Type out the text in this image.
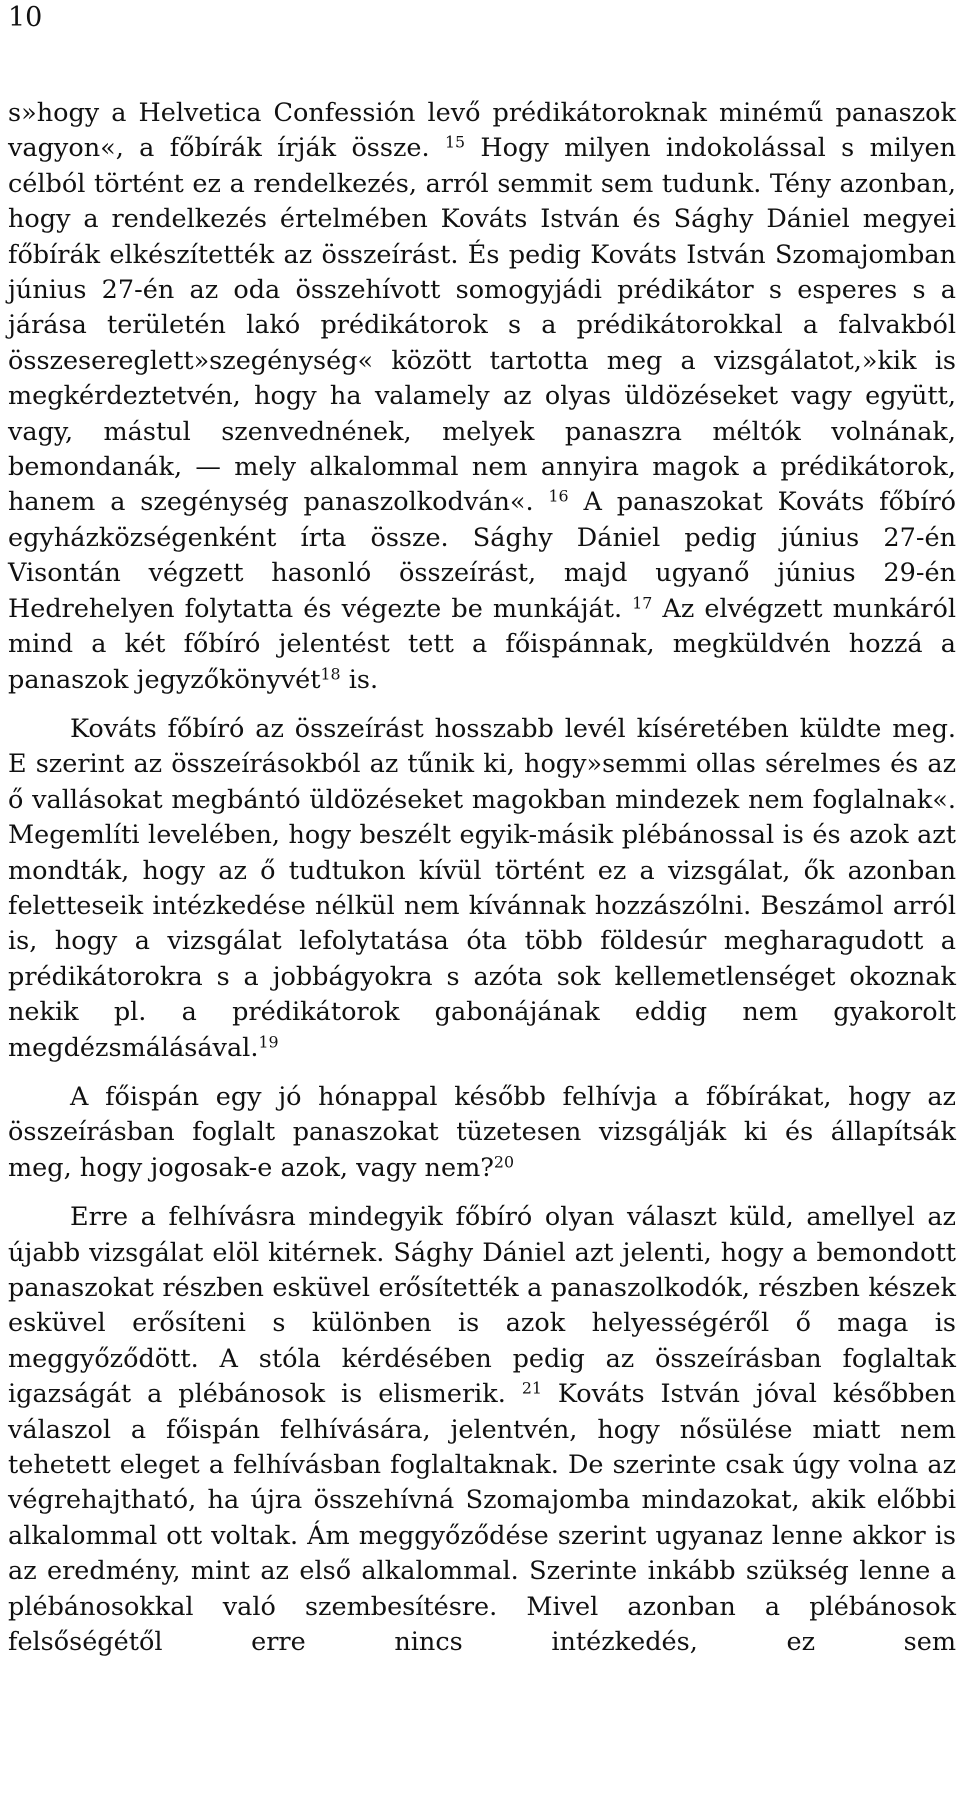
10

s»hogy a Helvetica Confessión levő prédikátoroknak minémű panaszok vagyon«, a főbírák írják össze. $^{15}$ Hogy milyen indokolással s milyen célból történt ez a rendelkezés, arról semmit sem tudunk. Tény azonban, hogy a rendelkezés értelmében Kováts István és Sághy Dániel megyei főbírák elkészítették az összeírást. És pedig Kováts István Szomajomban június 27-én az oda összehívott somogyjádi prédikátor s esperes s a járása területén lakó prédikátorok s a prédikátorokkal a falvakból összesereglett»szegénység« között tartotta meg a vizsgálatot,»kik is megkérdeztetvén, hogy ha valamely az olyas üldözéseket vagy együtt, vagy, mástul szenvednének, melyek panaszra méltók volnának, bemondanák, — mely alkalommal nem annyira magok a prédikátorok, hanem a szegénység panaszolkodván«. $^{16}$ A panaszokat Kováts főbíró egyházközségenként írta össze. Sághy Dániel pedig június 27-én Visontán végzett hasonló összeírást, majd ugyanő június 29-én Hedrehelyen folytatta és végezte be munkáját. $^{17}$ Az elvégzett munkáról mind a két főbíró jelentést tett a főispánnak, megküldvén hozzá a panaszok jegyzőkönyvét$^{18}$ is.

Kováts főbíró az összeírást hosszabb levél kíséretében küldte meg. E szerint az összeírásokból az tűnik ki, hogy»semmi ollas sérelmes és az ő vallásokat megbántó üldözéseket magokban mindezek nem foglalnak«. Megemlíti levelében, hogy beszélt egyik-másik plébánossal is és azok azt mondták, hogy az ő tudtukon kívül történt ez a vizsgálat, ők azonban feletteseik intézkedése nélkül nem kívánnak hozzászólni. Beszámol arról is, hogy a vizsgálat lefolytatása óta több földesúr megharagudott a prédikátorokra s a jobbágyokra s azóta sok kellemetlenséget okoznak nekik pl. a prédikátorok gabonájának eddig nem gyakorolt megdézsmálásával.$^{19}$

A főispán egy jó hónappal később felhívja a főbírákat, hogy az összeírásban foglalt panaszokat tüzetesen vizsgálják ki és állapítsák meg, hogy jogosak-e azok, vagy nem?$^{20}$

Erre a felhívásra mindegyik főbíró olyan választ küld, amellyel az újabb vizsgálat elöl kitérnek. Sághy Dániel azt jelenti, hogy a bemondott panaszokat részben esküvel erősítették a panaszolkodók, részben készek esküvel erősíteni s különben is azok helyességéről ő maga is meggyőződött. A stóla kérdésében pedig az összeírásban foglaltak igazságát a plébánosok is elismerik. $^{21}$ Kováts István jóval későbben válaszol a főispán felhívására, jelentvén, hogy nősülése miatt nem tehetett eleget a felhívásban foglaltaknak. De szerinte csak úgy volna az végrehajtható, ha újra összehívná Szomajomba mindazokat, akik előbbi alkalommal ott voltak. Ám meggyőződése szerint ugyanaz lenne akkor is az eredmény, mint az első alkalommal. Szerinte inkább szükség lenne a plébánosokkal való szembesítésre. Mivel azonban a plébánosok felsőségétől erre nincs intézkedés, ez sem
